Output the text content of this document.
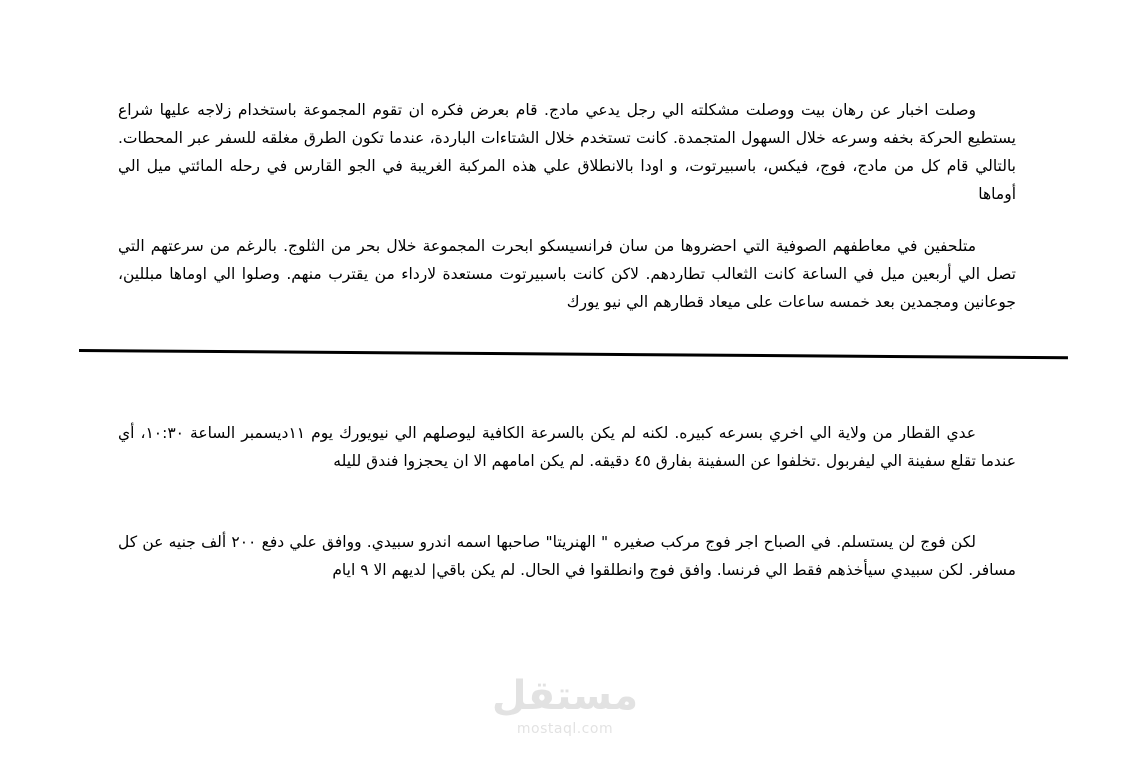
وصلت اخبار عن رهان بيت ووصلت مشكلته الي رجل يدعي مادج. قام بعرض فكره ان تقوم المجموعة باستخدام زلاجه عليها شراع يستطيع الحركة بخفه وسرعه خلال السهول المتجمدة. كانت تستخدم خلال الشتاءات الباردة، عندما تكون الطرق مغلقه للسفر عبر المحطات. بالتالي قام كل من مادج، فوج، فيكس، باسبيرتوت، و اودا بالانطلاق علي هذه المركبة الغريبة في الجو القارس في رحله المائتي ميل الي أوماها

متلحفين في معاطفهم الصوفية التي احضروها من سان فرانسيسكو ابحرت المجموعة خلال بحر من الثلوج. بالرغم من سرعتهم التي تصل الي أربعين ميل في الساعة كانت الثعالب تطاردهم. لاكن كانت باسبيرتوت مستعدة لارداء من يقترب منهم. وصلوا الي اوماها مبللين، جوعانين ومجمدين بعد خمسه ساعات على ميعاد قطارهم الي نيو يورك

عدي القطار من ولاية الي اخري بسرعه كبيره. لكنه لم يكن بالسرعة الكافية ليوصلهم الي نيويورك يوم ١١ديسمبر الساعة ١٠:٣٠، أي عندما تقلع سفينة الي ليفربول .تخلفوا عن السفينة بفارق ٤٥ دقيقه. لم يكن امامهم الا ان يحجزوا فندق لليله

لكن فوج لن يستسلم. في الصباح اجر فوج مركب صغيره " الهنريتا" صاحبها اسمه اندرو سبيدي. ووافق علي دفع ٢٠٠ ألف جنيه عن كل مسافر. لكن سبيدي سيأخذهم فقط الي فرنسا. وافق فوج وانطلقوا في الحال. لم يكن باقي| لديهم الا ٩ ايام

مستقل
mostaql.com
